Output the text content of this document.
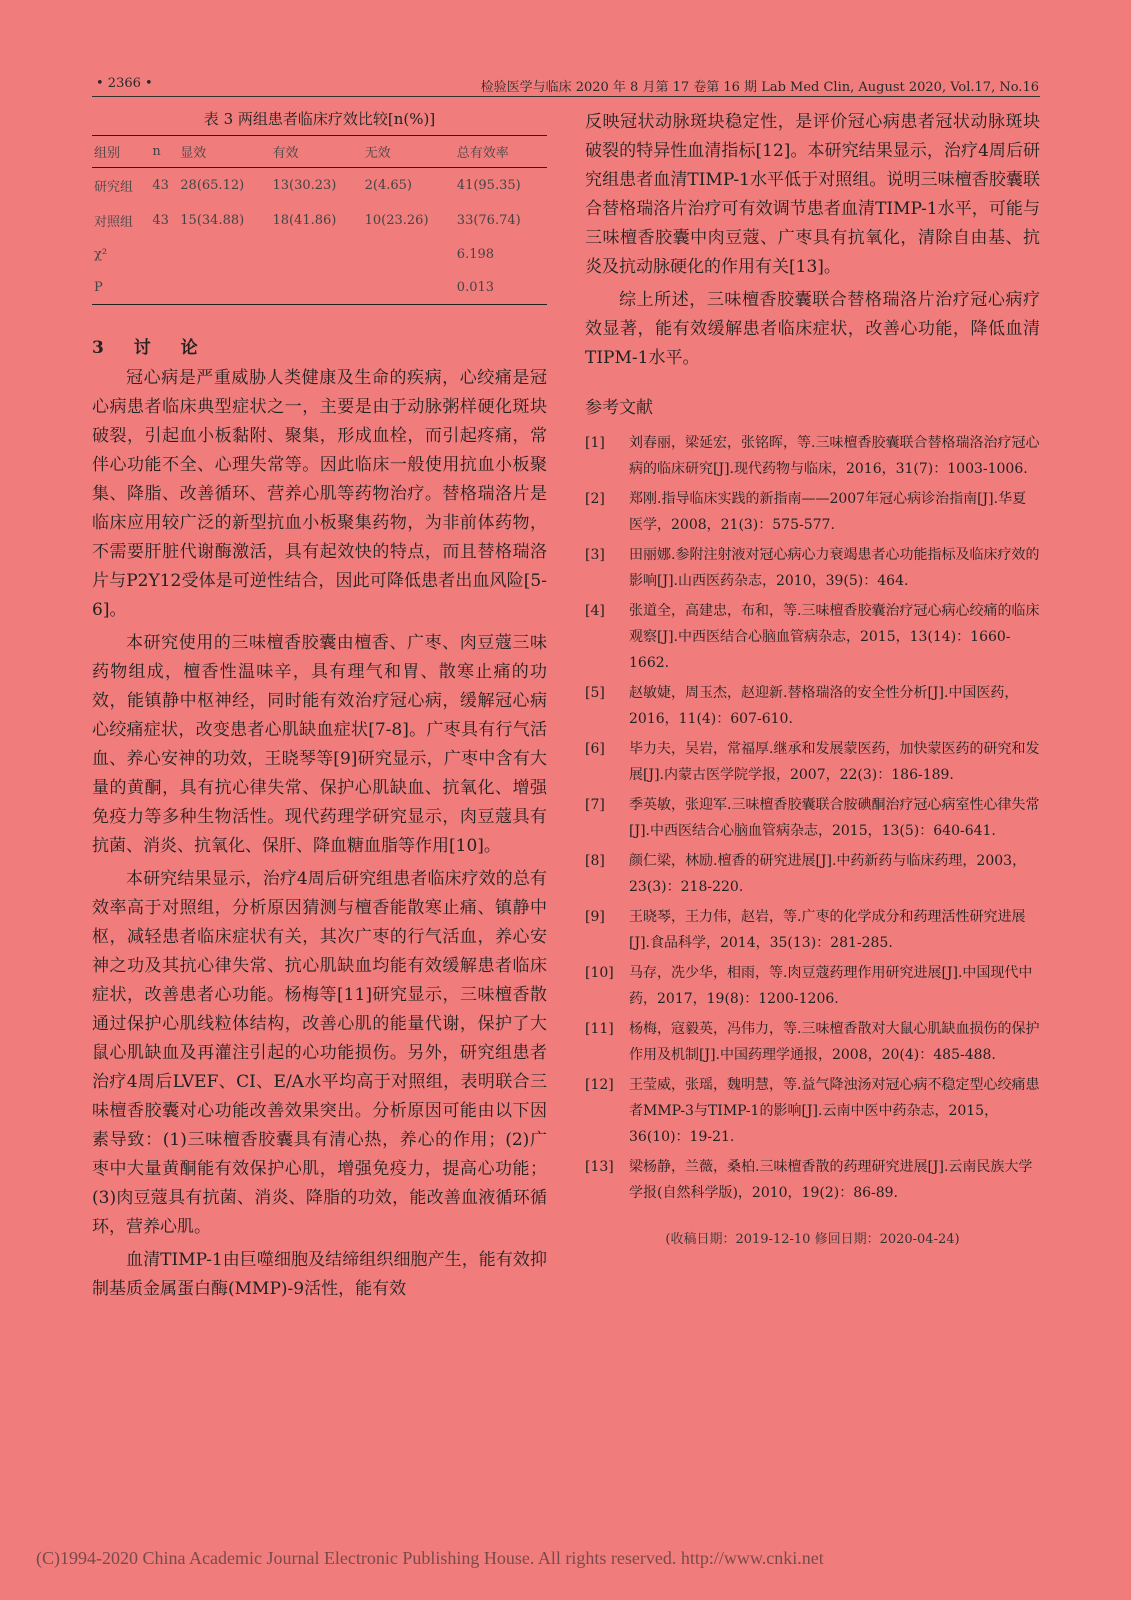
• 2366 •	检验医学与临床 2020 年 8 月第 17 卷第 16 期 Lab Med Clin, August 2020, Vol.17, No.16
表 3 两组患者临床疗效比较[n(%)]
组别	n	显效	有效	无效	总有效率
研究组	43	28(65.12)	13(30.23)	2(4.65)	41(95.35)
对照组	43	15(34.88)	18(41.86)	10(23.26)	33(76.74)
χ²					6.198
P					0.013
3 讨 论

冠心病是严重威胁人类健康及生命的疾病，心绞痛是冠心病患者临床典型症状之一，主要是由于动脉粥样硬化斑块破裂，引起血小板黏附、聚集，形成血栓，而引起疼痛，常伴心功能不全、心理失常等。因此临床一般使用抗血小板聚集、降脂、改善循环、营养心肌等药物治疗。替格瑞洛片是临床应用较广泛的新型抗血小板聚集药物，为非前体药物，不需要肝脏代谢酶激活，具有起效快的特点，而且替格瑞洛片与P2Y12受体是可逆性结合，因此可降低患者出血风险[5-6]。

本研究使用的三味檀香胶囊由檀香、广枣、肉豆蔻三味药物组成，檀香性温味辛，具有理气和胃、散寒止痛的功效，能镇静中枢神经，同时能有效治疗冠心病，缓解冠心病心绞痛症状，改变患者心肌缺血症状[7-8]。广枣具有行气活血、养心安神的功效，王晓琴等[9]研究显示，广枣中含有大量的黄酮，具有抗心律失常、保护心肌缺血、抗氧化、增强免疫力等多种生物活性。现代药理学研究显示，肉豆蔻具有抗菌、消炎、抗氧化、保肝、降血糖血脂等作用[10]。

本研究结果显示，治疗4周后研究组患者临床疗效的总有效率高于对照组，分析原因猜测与檀香能散寒止痛、镇静中枢，减轻患者临床症状有关，其次广枣的行气活血，养心安神之功及其抗心律失常、抗心肌缺血均能有效缓解患者临床症状，改善患者心功能。杨梅等[11]研究显示，三味檀香散通过保护心肌线粒体结构，改善心肌的能量代谢，保护了大鼠心肌缺血及再灌注引起的心功能损伤。另外，研究组患者治疗4周后LVEF、CI、E/A水平均高于对照组，表明联合三味檀香胶囊对心功能改善效果突出。分析原因可能由以下因素导致：(1)三味檀香胶囊具有清心热，养心的作用；(2)广枣中大量黄酮能有效保护心肌，增强免疫力，提高心功能；(3)肉豆蔻具有抗菌、消炎、降脂的功效，能改善血液循环循环，营养心肌。

血清TIMP-1由巨噬细胞及结缔组织细胞产生，能有效抑制基质金属蛋白酶(MMP)-9活性，能有效

反映冠状动脉斑块稳定性，是评价冠心病患者冠状动脉斑块破裂的特异性血清指标[12]。本研究结果显示，治疗4周后研究组患者血清TIMP-1水平低于对照组。说明三味檀香胶囊联合替格瑞洛片治疗可有效调节患者血清TIMP-1水平，可能与三味檀香胶囊中肉豆蔻、广枣具有抗氧化，清除自由基、抗炎及抗动脉硬化的作用有关[13]。

综上所述，三味檀香胶囊联合替格瑞洛片治疗冠心病疗效显著，能有效缓解患者临床症状，改善心功能，降低血清TIPM-1水平。

参考文献
[1]	刘春丽，梁延宏，张铭晖，等.三味檀香胶囊联合替格瑞洛治疗冠心病的临床研究[J].现代药物与临床，2016，31(7)：1003-1006.
[2]	郑刚.指导临床实践的新指南——2007年冠心病诊治指南[J].华夏医学，2008，21(3)：575-577.
[3]	田丽娜.参附注射液对冠心病心力衰竭患者心功能指标及临床疗效的影响[J].山西医药杂志，2010，39(5)：464.
[4]	张道全，高建忠，布和，等.三味檀香胶囊治疗冠心病心绞痛的临床观察[J].中西医结合心脑血管病杂志，2015，13(14)：1660-1662.
[5]	赵敏婕，周玉杰，赵迎新.替格瑞洛的安全性分析[J].中国医药，2016，11(4)：607-610.
[6]	毕力夫，吴岩，常福厚.继承和发展蒙医药，加快蒙医药的研究和发展[J].内蒙古医学院学报，2007，22(3)：186-189.
[7]	季英敏，张迎军.三味檀香胶囊联合胺碘酮治疗冠心病室性心律失常[J].中西医结合心脑血管病杂志，2015，13(5)：640-641.
[8]	颜仁梁，林励.檀香的研究进展[J].中药新药与临床药理，2003，23(3)：218-220.
[9]	王晓琴，王力伟，赵岩，等.广枣的化学成分和药理活性研究进展[J].食品科学，2014，35(13)：281-285.
[10]	马存，冼少华，相雨，等.肉豆蔻药理作用研究进展[J].中国现代中药，2017，19(8)：1200-1206.
[11]	杨梅，寇毅英，冯伟力，等.三味檀香散对大鼠心肌缺血损伤的保护作用及机制[J].中国药理学通报，2008，20(4)：485-488.
[12]	王莹威，张瑶，魏明慧，等.益气降浊汤对冠心病不稳定型心绞痛患者MMP-3与TIMP-1的影响[J].云南中医中药杂志，2015，36(10)：19-21.
[13]	梁杨静，兰薇，桑柏.三味檀香散的药理研究进展[J].云南民族大学学报(自然科学版)，2010，19(2)：86-89.
(收稿日期：2019-12-10 修回日期：2020-04-24)
(C)1994-2020 China Academic Journal Electronic Publishing House. All rights reserved. http://www.cnki.net
